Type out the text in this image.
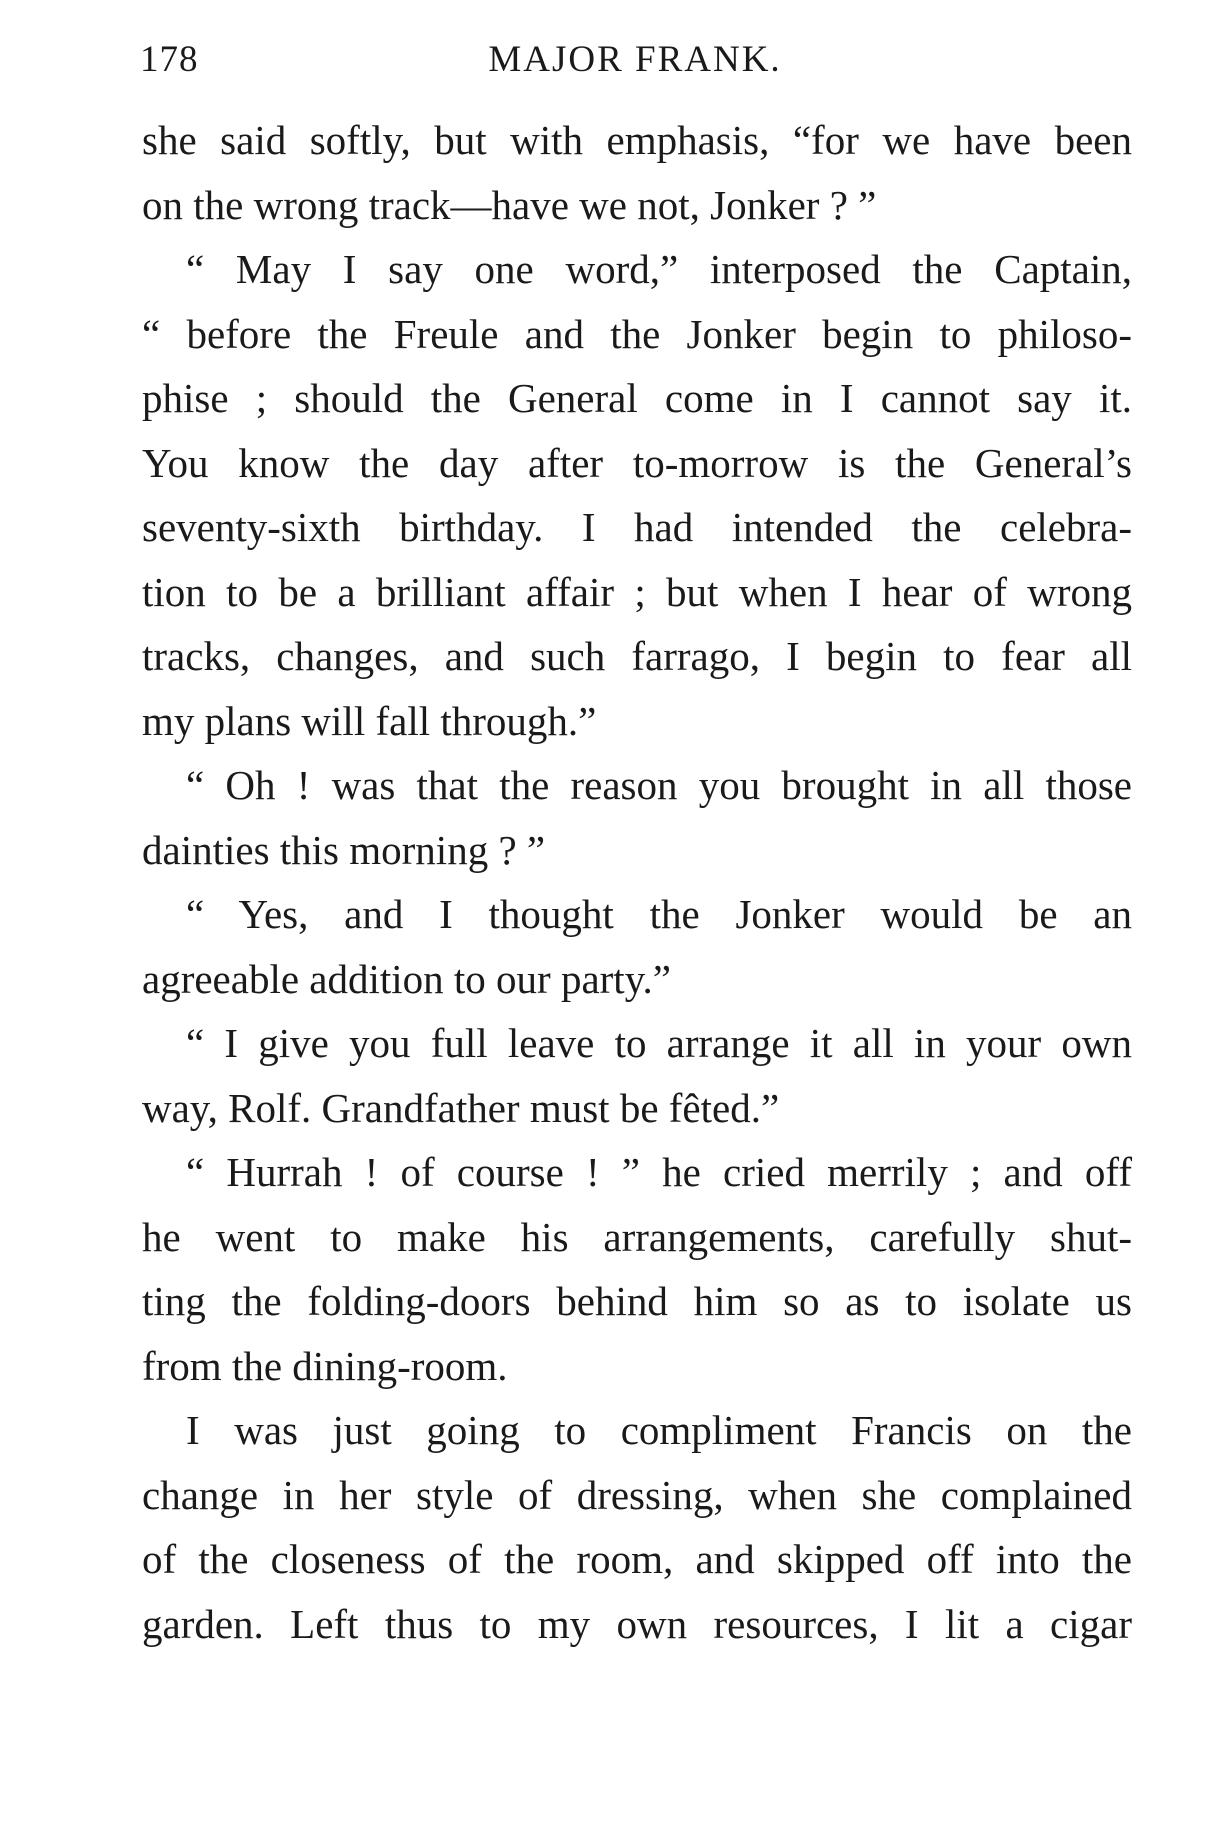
178	MAJOR FRANK.
she said softly, but with emphasis, “for we have been
on the wrong track—have we not, Jonker ? ”
“ May I say one word,” interposed the Captain,
“ before the Freule and the Jonker begin to philoso-
phise ; should the General come in I cannot say it.
You know the day after to-morrow is the General’s
seventy-sixth birthday. I had intended the celebra-
tion to be a brilliant affair ; but when I hear of wrong
tracks, changes, and such farrago, I begin to fear all
my plans will fall through.”
“ Oh ! was that the reason you brought in all those
dainties this morning ? ”
“ Yes, and I thought the Jonker would be an
agreeable addition to our party.”
“ I give you full leave to arrange it all in your own
way, Rolf. Grandfather must be fêted.”
“ Hurrah ! of course ! ” he cried merrily ; and off
he went to make his arrangements, carefully shut-
ting the folding-doors behind him so as to isolate us
from the dining-room.
I was just going to compliment Francis on the
change in her style of dressing, when she complained
of the closeness of the room, and skipped off into the
garden. Left thus to my own resources, I lit a cigar
